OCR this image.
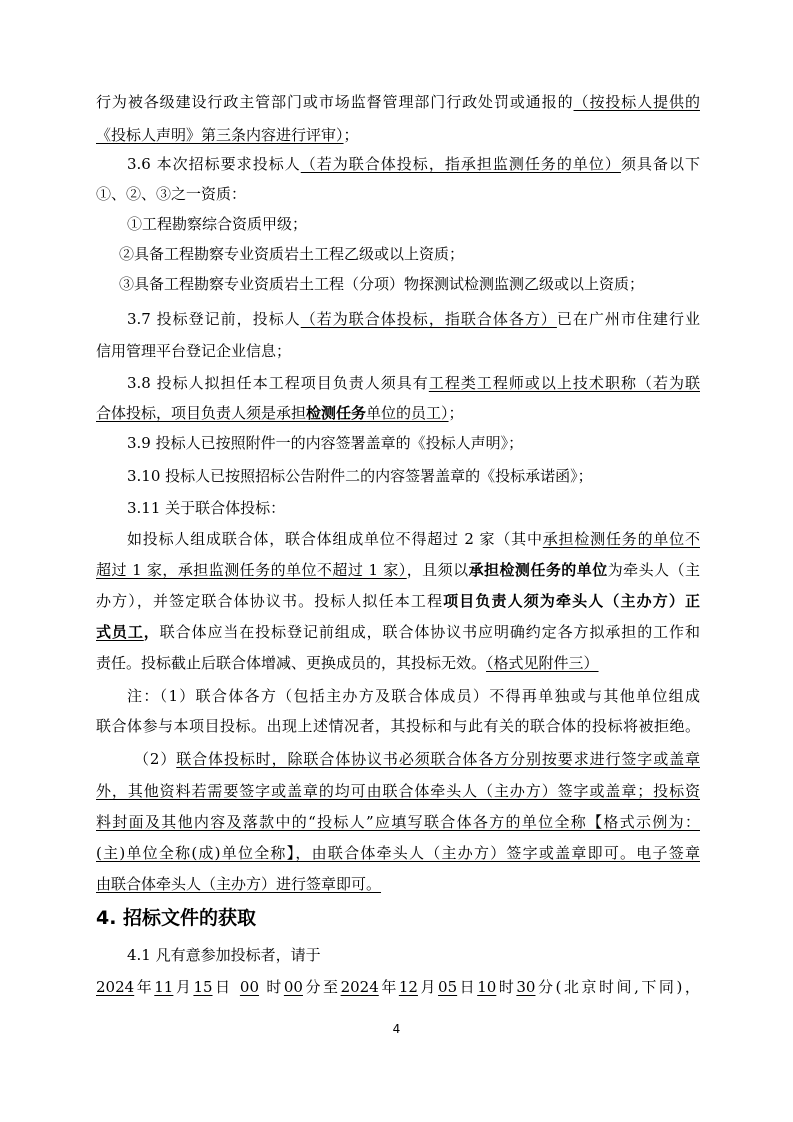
行为被各级建设行政主管部门或市场监督管理部门行政处罚或通报的（按投标人提供的
《投标人声明》第三条内容进行评审）；
3.6 本次招标要求投标人（若为联合体投标，指承担监测任务的单位）须具备以下
①、②、③之一资质：
①工程勘察综合资质甲级；
②具备工程勘察专业资质岩土工程乙级或以上资质；
③具备工程勘察专业资质岩土工程（分项）物探测试检测监测乙级或以上资质；
3.7 投标登记前，投标人（若为联合体投标，指联合体各方）已在广州市住建行业
信用管理平台登记企业信息；
3.8 投标人拟担任本工程项目负责人须具有工程类工程师或以上技术职称（若为联
合体投标，项目负责人须是承担检测任务单位的员工）；
3.9 投标人已按照附件一的内容签署盖章的《投标人声明》；
3.10 投标人已按照招标公告附件二的内容签署盖章的《投标承诺函》；
3.11 关于联合体投标：
如投标人组成联合体，联合体组成单位不得超过 2 家（其中承担检测任务的单位不
超过 1 家，承担监测任务的单位不超过 1 家），且须以承担检测任务的单位为牵头人（主
办方），并签定联合体协议书。投标人拟任本工程项目负责人须为牵头人（主办方）正
式员工，联合体应当在投标登记前组成，联合体协议书应明确约定各方拟承担的工作和
责任。投标截止后联合体增减、更换成员的，其投标无效。（格式见附件三）
注：（1）联合体各方（包括主办方及联合体成员）不得再单独或与其他单位组成
联合体参与本项目投标。出现上述情况者，其投标和与此有关的联合体的投标将被拒绝。
（2）联合体投标时，除联合体协议书必须联合体各方分别按要求进行签字或盖章
外，其他资料若需要签字或盖章的均可由联合体牵头人（主办方）签字或盖章；投标资
料封面及其他内容及落款中的“投标人”应填写联合体各方的单位全称【格式示例为：
(主)单位全称(成)单位全称】，由联合体牵头人（主办方）签字或盖章即可。电子签章
由联合体牵头人（主办方）进行签章即可。
4. 招标文件的获取
4.1 凡有意参加投标者，请于
2024年11月15日 00 时00分至2024年12月05日10时30分(北京时间,下同)，
4
